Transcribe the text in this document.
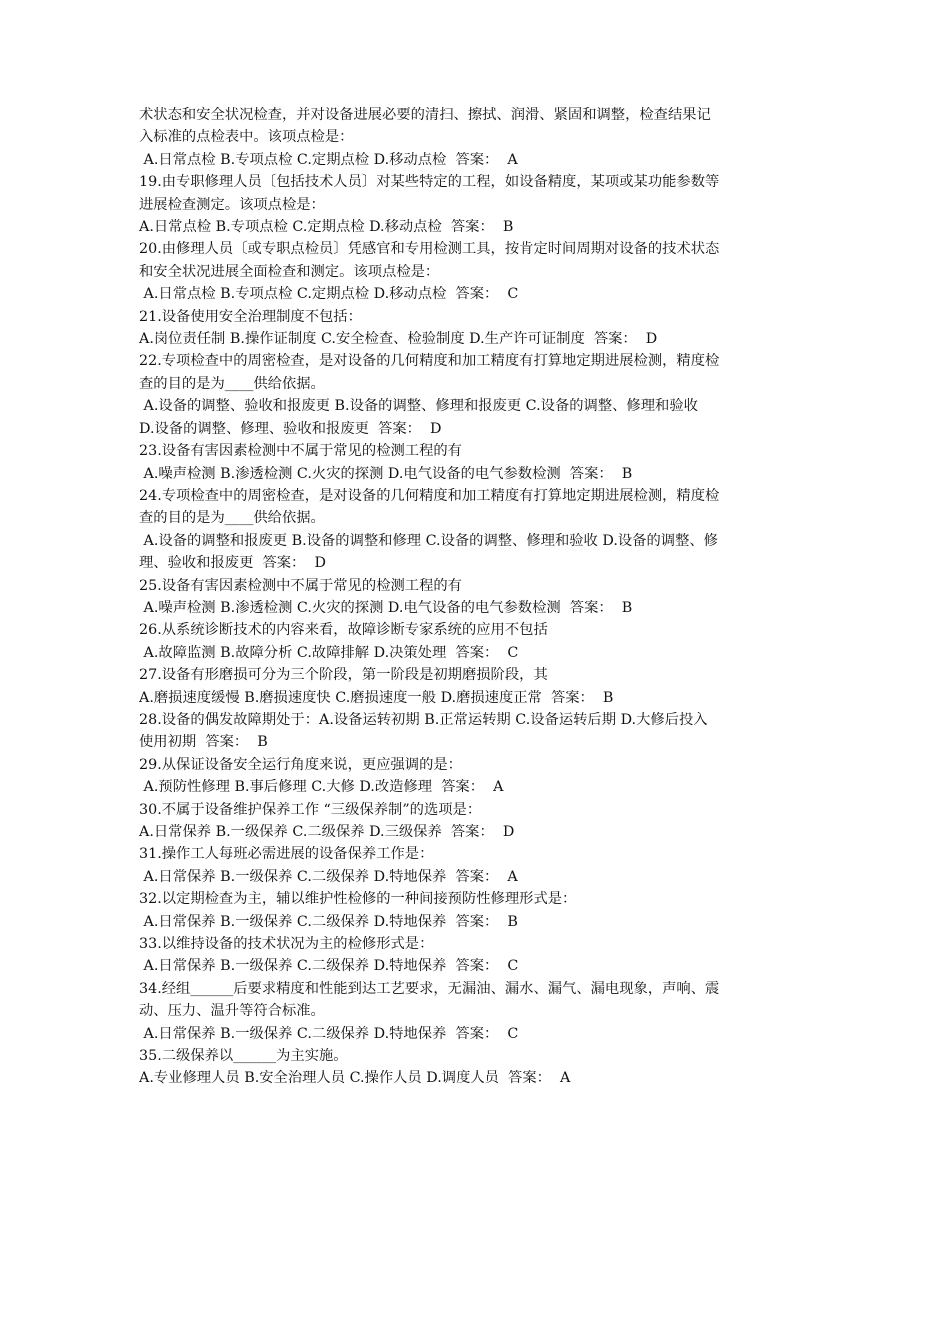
术状态和安全状况检查，并对设备进展必要的清扫、擦拭、润滑、紧固和调整，检查结果记
入标准的点检表中。该项点检是：
A.日常点检 B.专项点检 C.定期点检 D.移动点检  答案：  A
19.由专职修理人员〔包括技术人员〕对某些特定的工程，如设备精度，某项或某功能参数等
进展检查测定。该项点检是：
A.日常点检 B.专项点检 C.定期点检 D.移动点检  答案：  B
20.由修理人员〔或专职点检员〕凭感官和专用检测工具，按肯定时间周期对设备的技术状态
和安全状况进展全面检查和测定。该项点检是：
A.日常点检 B.专项点检 C.定期点检 D.移动点检  答案：  C
21.设备使用安全治理制度不包括：
A.岗位责任制 B.操作证制度 C.安全检查、检验制度 D.生产许可证制度  答案：  D
22.专项检查中的周密检查，是对设备的几何精度和加工精度有打算地定期进展检测，精度检
查的目的是为____供给依据。
A.设备的调整、验收和报废更 B.设备的调整、修理和报废更 C.设备的调整、修理和验收
D.设备的调整、修理、验收和报废更  答案：  D
23.设备有害因素检测中不属于常见的检测工程的有
A.噪声检测 B.渗透检测 C.火灾的探测 D.电气设备的电气参数检测  答案：  B
24.专项检查中的周密检查，是对设备的几何精度和加工精度有打算地定期进展检测，精度检
查的目的是为____供给依据。
A.设备的调整和报废更 B.设备的调整和修理 C.设备的调整、修理和验收 D.设备的调整、修
理、验收和报废更  答案：  D
25.设备有害因素检测中不属于常见的检测工程的有
A.噪声检测 B.渗透检测 C.火灾的探测 D.电气设备的电气参数检测  答案：  B
26.从系统诊断技术的内容来看，故障诊断专家系统的应用不包括
A.故障监测 B.故障分析 C.故障排解 D.决策处理  答案：  C
27.设备有形磨损可分为三个阶段，第一阶段是初期磨损阶段，其
A.磨损速度缓慢 B.磨损速度快 C.磨损速度一般 D.磨损速度正常  答案：  B
28.设备的偶发故障期处于：A.设备运转初期 B.正常运转期 C.设备运转后期 D.大修后投入
使用初期  答案：  B
29.从保证设备安全运行角度来说，更应强调的是：
A.预防性修理 B.事后修理 C.大修 D.改造修理  答案：  A
30.不属于设备维护保养工作 “三级保养制”的选项是：
A.日常保养 B.一级保养 C.二级保养 D.三级保养  答案：  D
31.操作工人每班必需进展的设备保养工作是：
A.日常保养 B.一级保养 C.二级保养 D.特地保养  答案：  A
32.以定期检查为主，辅以维护性检修的一种间接预防性修理形式是：
A.日常保养 B.一级保养 C.二级保养 D.特地保养  答案：  B
33.以维持设备的技术状况为主的检修形式是：
A.日常保养 B.一级保养 C.二级保养 D.特地保养  答案：  C
34.经组______后要求精度和性能到达工艺要求，无漏油、漏水、漏气、漏电现象，声响、震
动、压力、温升等符合标准。
A.日常保养 B.一级保养 C.二级保养 D.特地保养  答案：  C
35.二级保养以______为主实施。
A.专业修理人员 B.安全治理人员 C.操作人员 D.调度人员  答案：  A
